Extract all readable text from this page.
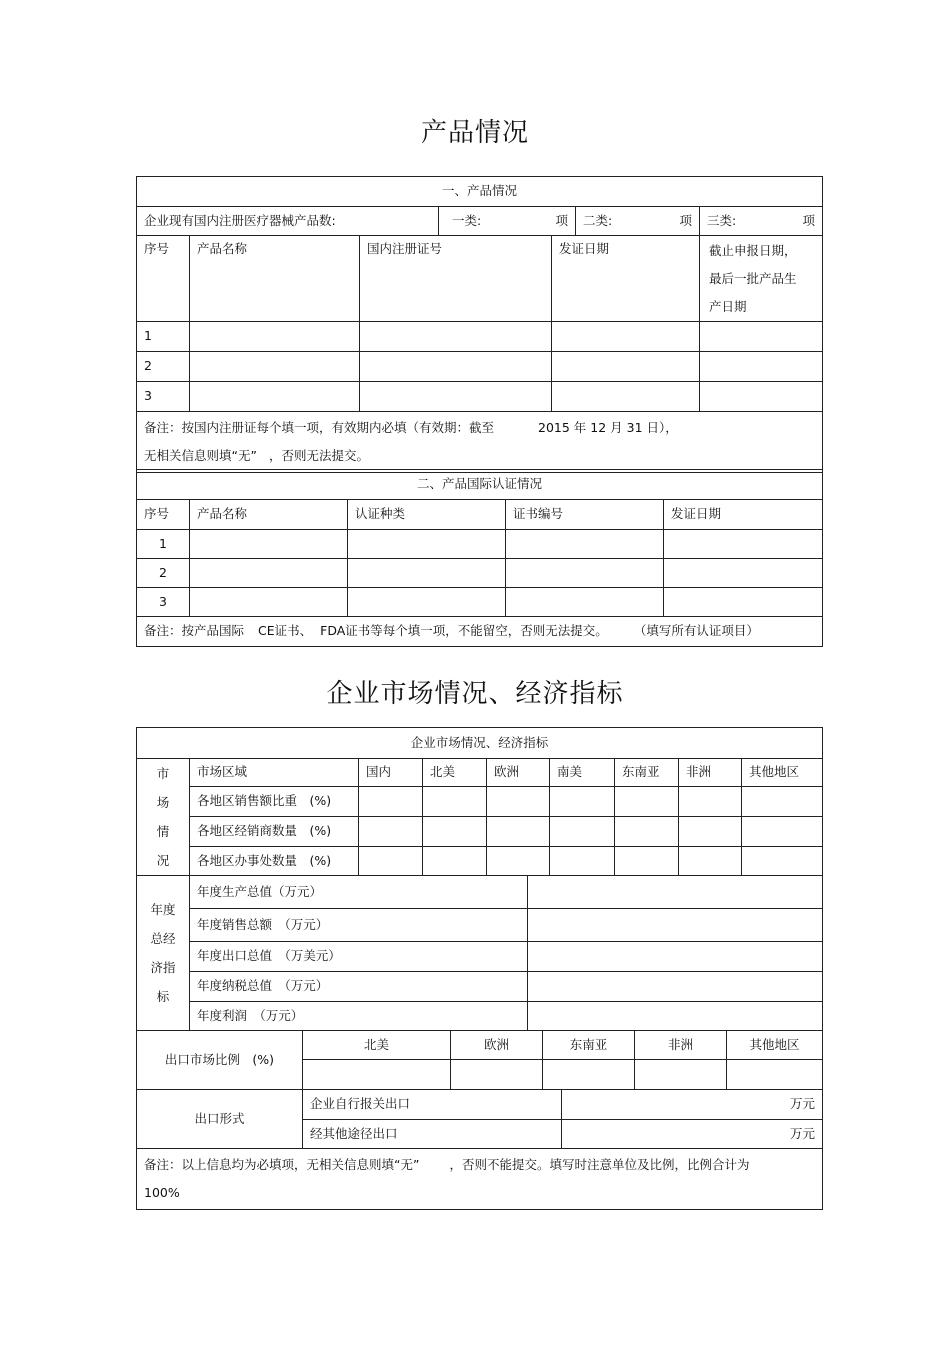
产品情况
一、产品情况						
企业现有国内注册医疗器械产品数:			一类: 项		二类: 项	三类: 项

序号	产品名称	国内注册证号		发证日期		截止申报日期，最后一批产品生产日期
1						
2						
3						

备注：按国内注册证每个填一项，有效期内必填（有效期：截至 2015 年 12 月 31 日），
无相关信息则填“无” ，否则无法提交。						
二、产品国际认证情况				
序号	产品名称	认证种类	证书编号	发证日期
1				
2				
3				
备注：按产品国际 CE证书、 FDA证书等每个填一项，不能留空，否则无法提交。 （填写所有认证项目）				
企业市场情况、经济指标
企业市场情况、经济指标								
市场情况	市场区域	国内	北美	欧洲	南美	东南亚	非洲	其他地区
	各地区销售额比重　(%)							
	各地区经销商数量　(%)							
	各地区办事处数量　(%)							
年度总经济指标	年度生产总值（万元）	
	年度销售总额　（万元）	
	年度出口总值　（万美元）	
	年度纳税总值　（万元）	
	年度利润　（万元）	
出口市场比例　(%)	北美	欧洲	东南亚	非洲	其他地区

出口形式	企业自行报关出口	万元
	经其他途径出口	万元
备注：以上信息均为必填项，无相关信息则填“无” ，否则不能提交。填写时注意单位及比例，比例合计为
100%
